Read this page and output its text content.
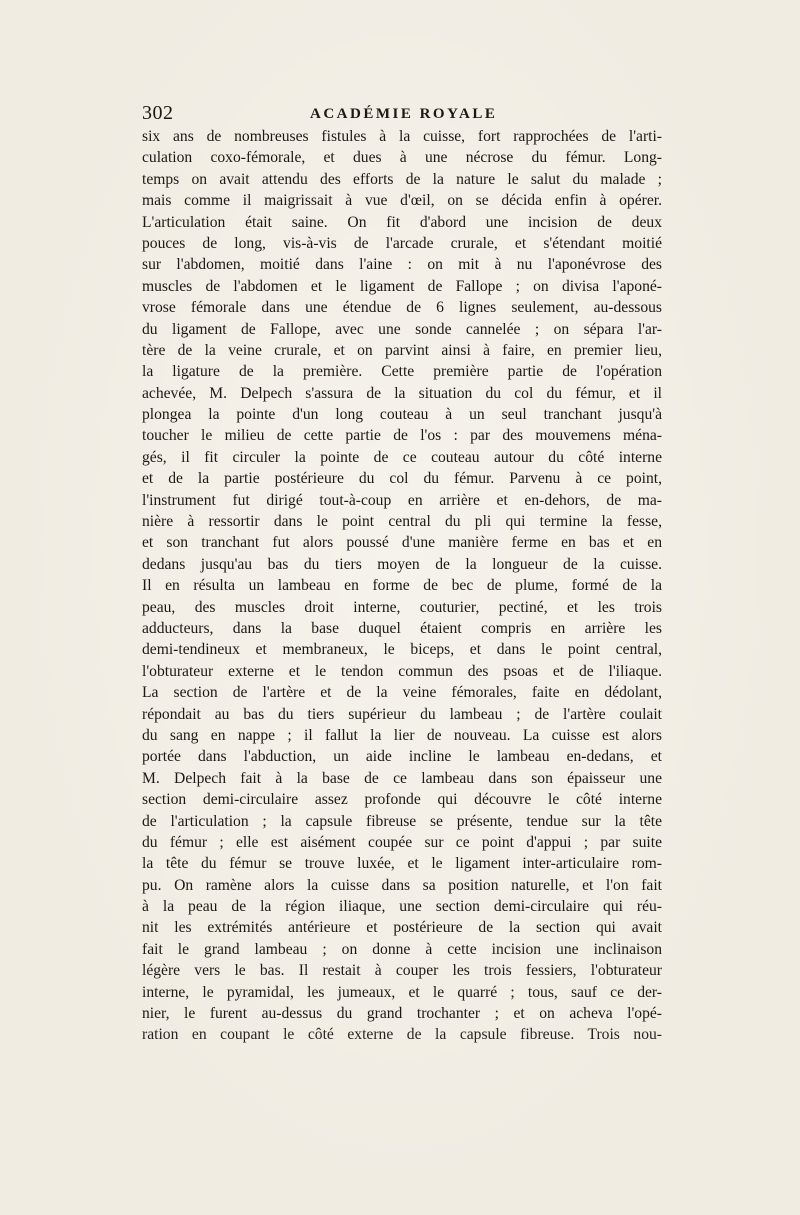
302	ACADÉMIE ROYALE
six ans de nombreuses fistules à la cuisse, fort rapprochées de l'arti-
culation coxo-fémorale, et dues à une nécrose du fémur. Long-
temps on avait attendu des efforts de la nature le salut du malade ;
mais comme il maigrissait à vue d'œil, on se décida enfin à opérer.
L'articulation était saine. On fit d'abord une incision de deux
pouces de long, vis-à-vis de l'arcade crurale, et s'étendant moitié
sur l'abdomen, moitié dans l'aine : on mit à nu l'aponévrose des
muscles de l'abdomen et le ligament de Fallope ; on divisa l'aponé-
vrose fémorale dans une étendue de 6 lignes seulement, au-dessous
du ligament de Fallope, avec une sonde cannelée ; on sépara l'ar-
tère de la veine crurale, et on parvint ainsi à faire, en premier lieu,
la ligature de la première. Cette première partie de l'opération
achevée, M. Delpech s'assura de la situation du col du fémur, et il
plongea la pointe d'un long couteau à un seul tranchant jusqu'à
toucher le milieu de cette partie de l'os : par des mouvemens ména-
gés, il fit circuler la pointe de ce couteau autour du côté interne
et de la partie postérieure du col du fémur. Parvenu à ce point,
l'instrument fut dirigé tout-à-coup en arrière et en-dehors, de ma-
nière à ressortir dans le point central du pli qui termine la fesse,
et son tranchant fut alors poussé d'une manière ferme en bas et en
dedans jusqu'au bas du tiers moyen de la longueur de la cuisse.
Il en résulta un lambeau en forme de bec de plume, formé de la
peau, des muscles droit interne, couturier, pectiné, et les trois
adducteurs, dans la base duquel étaient compris en arrière les
demi-tendineux et membraneux, le biceps, et dans le point central,
l'obturateur externe et le tendon commun des psoas et de l'iliaque.
La section de l'artère et de la veine fémorales, faite en dédolant,
répondait au bas du tiers supérieur du lambeau ; de l'artère coulait
du sang en nappe ; il fallut la lier de nouveau. La cuisse est alors
portée dans l'abduction, un aide incline le lambeau en-dedans, et
M. Delpech fait à la base de ce lambeau dans son épaisseur une
section demi-circulaire assez profonde qui découvre le côté interne
de l'articulation ; la capsule fibreuse se présente, tendue sur la tête
du fémur ; elle est aisément coupée sur ce point d'appui ; par suite
la tête du fémur se trouve luxée, et le ligament inter-articulaire rom-
pu. On ramène alors la cuisse dans sa position naturelle, et l'on fait
à la peau de la région iliaque, une section demi-circulaire qui réu-
nit les extrémités antérieure et postérieure de la section qui avait
fait le grand lambeau ; on donne à cette incision une inclinaison
légère vers le bas. Il restait à couper les trois fessiers, l'obturateur
interne, le pyramidal, les jumeaux, et le quarré ; tous, sauf ce der-
nier, le furent au-dessus du grand trochanter ; et on acheva l'opé-
ration en coupant le côté externe de la capsule fibreuse. Trois nou-
